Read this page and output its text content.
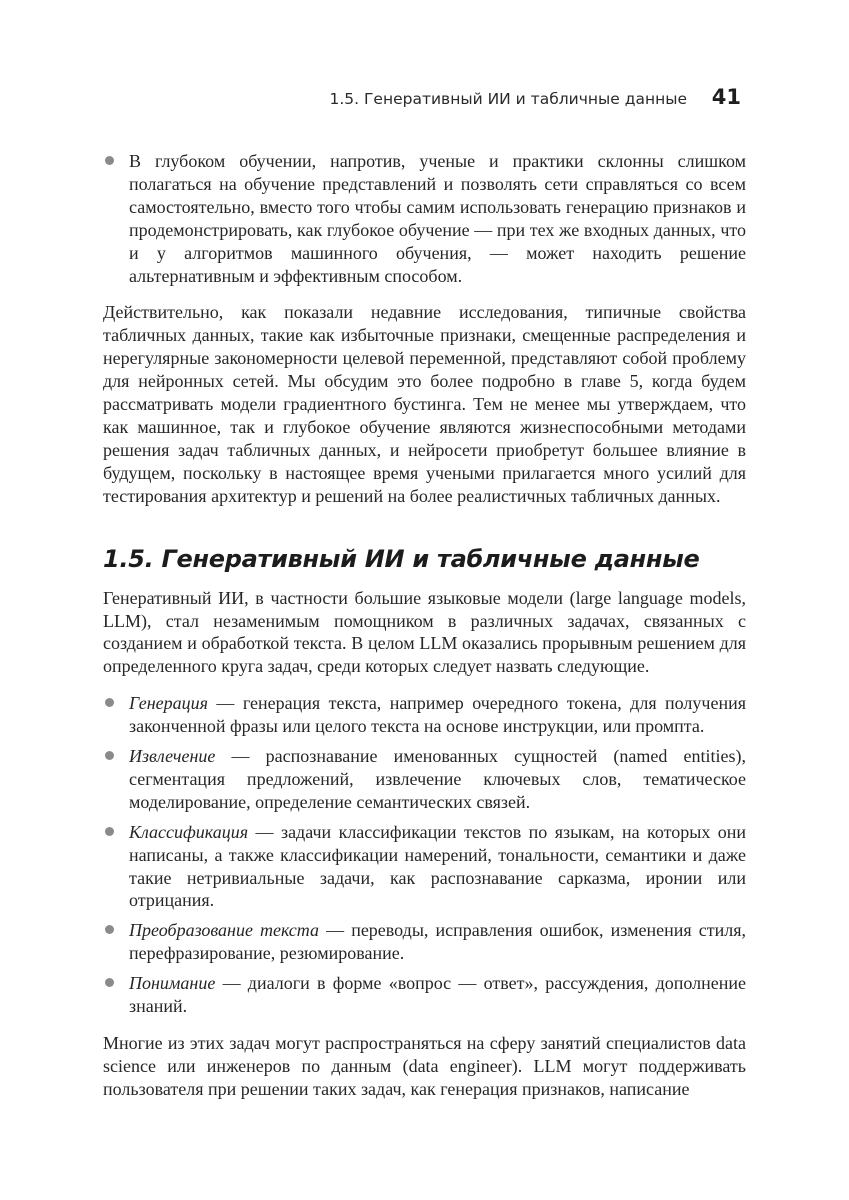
1.5. Генеративный ИИ и табличные данные 41
В глубоком обучении, напротив, ученые и практики склонны слишком полагаться на обучение представлений и позволять сети справляться со всем самостоятельно, вместо того чтобы самим использовать генерацию признаков и продемонстрировать, как глубокое обучение — при тех же входных данных, что и у алгоритмов машинного обучения, — может находить решение альтернативным и эффективным способом.

Действительно, как показали недавние исследования, типичные свойства табличных данных, такие как избыточные признаки, смещенные распределения и нерегулярные закономерности целевой переменной, представляют собой проблему для нейронных сетей. Мы обсудим это более подробно в главе 5, когда будем рассматривать модели градиентного бустинга. Тем не менее мы утверждаем, что как машинное, так и глубокое обучение являются жизнеспособными методами решения задач табличных данных, и нейросети приобретут большее влияние в будущем, поскольку в настоящее время учеными прилагается много усилий для тестирования архитектур и решений на более реалистичных табличных данных.

1.5. Генеративный ИИ и табличные данные

Генеративный ИИ, в частности большие языковые модели (large language models, LLM), стал незаменимым помощником в различных задачах, связанных с созданием и обработкой текста. В целом LLM оказались прорывным решением для определенного круга задач, среди которых следует назвать следующие.

Генерация — генерация текста, например очередного токена, для получения законченной фразы или целого текста на основе инструкции, или промпта.
Извлечение — распознавание именованных сущностей (named entities), сегментация предложений, извлечение ключевых слов, тематическое моделирование, определение семантических связей.
Классификация — задачи классификации текстов по языкам, на которых они написаны, а также классификации намерений, тональности, семантики и даже такие нетривиальные задачи, как распознавание сарказма, иронии или отрицания.
Преобразование текста — переводы, исправления ошибок, изменения стиля, перефразирование, резюмирование.
Понимание — диалоги в форме «вопрос — ответ», рассуждения, дополнение знаний.

Многие из этих задач могут распространяться на сферу занятий специалистов data science или инженеров по данным (data engineer). LLM могут поддерживать пользователя при решении таких задач, как генерация признаков, написание
